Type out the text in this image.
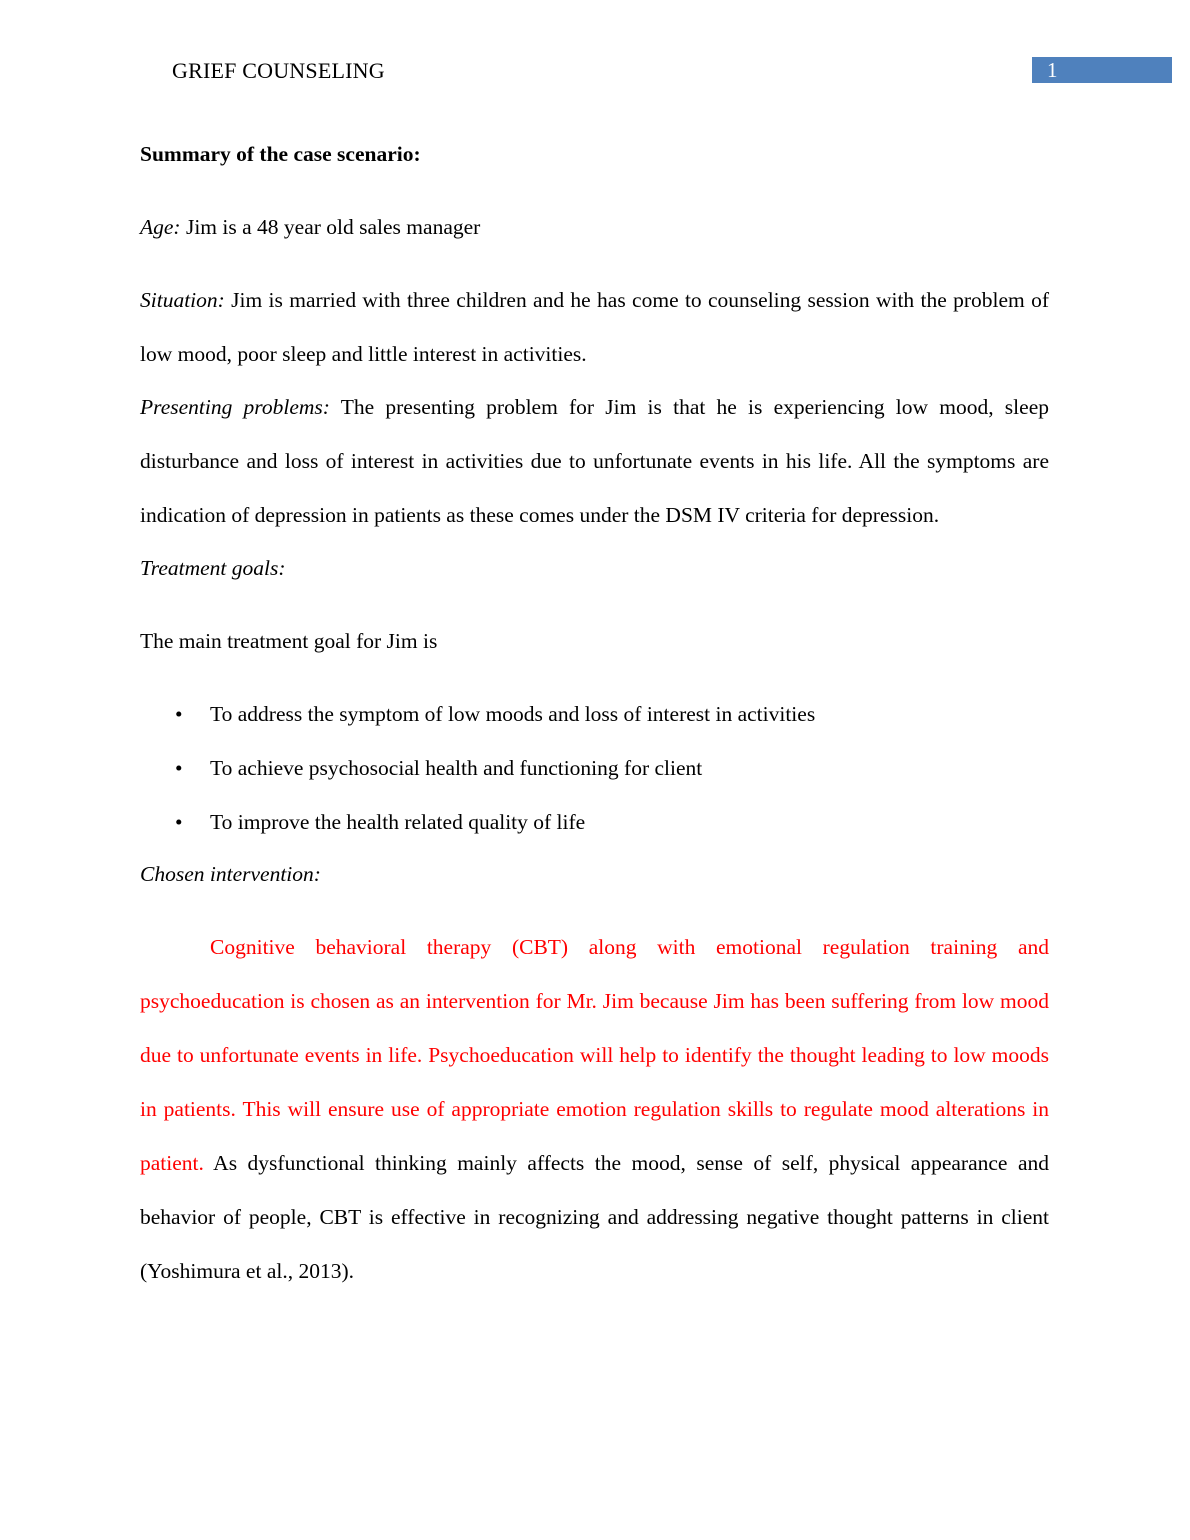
GRIEF COUNSELING	1

Summary of the case scenario:

Age: Jim is a 48 year old sales manager

Situation: Jim is married with three children and he has come to counseling session with the problem of low mood, poor sleep and little interest in activities.

Presenting problems: The presenting problem for Jim is that he is experiencing low mood, sleep disturbance and loss of interest in activities due to unfortunate events in his life. All the symptoms are indication of depression in patients as these comes under the DSM IV criteria for depression.

Treatment goals:

The main treatment goal for Jim is

• To address the symptom of low moods and loss of interest in activities
• To achieve psychosocial health and functioning for client
• To improve the health related quality of life

Chosen intervention:

Cognitive behavioral therapy (CBT) along with emotional regulation training and psychoeducation is chosen as an intervention for Mr. Jim because Jim has been suffering from low mood due to unfortunate events in life. Psychoeducation will help to identify the thought leading to low moods in patients. This will ensure use of appropriate emotion regulation skills to regulate mood alterations in patient. As dysfunctional thinking mainly affects the mood, sense of self, physical appearance and behavior of people, CBT is effective in recognizing and addressing negative thought patterns in client (Yoshimura et al., 2013).
